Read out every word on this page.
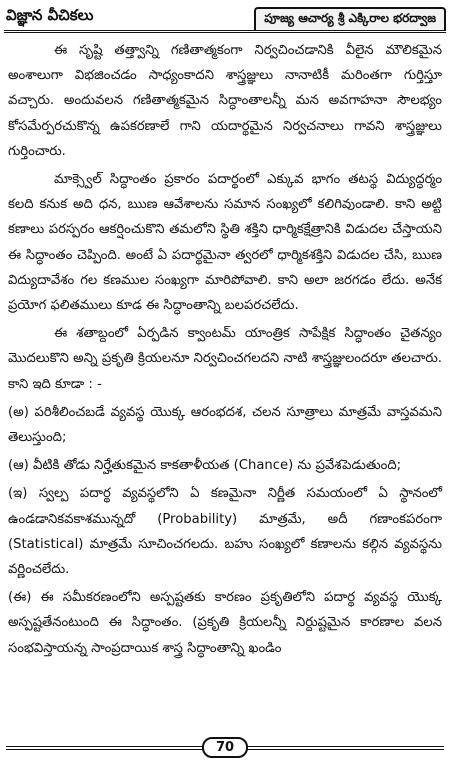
విజ్ఞాన వీచికలు	పూజ్య ఆచార్య శ్రీ ఎక్కిరాల భరద్వాజ

ఈ సృష్టి తత్త్వాన్ని గణితాత్మకంగా నిర్వచించడానికి వీలైన మౌలికమైన అంశాలుగా విభజించడం సాధ్యంకాదని శాస్త్రజ్ఞులు నానాటికీ మరింతగా గుర్తిస్తూ వచ్చారు. అందువలన గణితాత్మకమైన సిద్ధాంతాలన్నీ మన అవగాహనా సౌలభ్యం కోసమేర్పరచుకొన్న ఉపకరణాలే గాని యదార్థమైన నిర్వచనాలు గావని శాస్త్రజ్ఞులు గుర్తించారు.

మాక్స్వెల్ సిద్ధాంతం ప్రకారం పదార్థంలో ఎక్కువ భాగం తటస్థ విద్యుద్ధర్మం కలది కనుక అది ధన, ఋణ ఆవేశాలను సమాన సంఖ్యలో కలిగివుండాలి. కాని అట్టి కణాలు పరస్పరం ఆకర్షించుకొని తమలోని స్థితి శక్తిని ధార్మికక్షేత్రానికి విడుదల చేస్తాయని ఈ సిద్ధాంతం చెప్పింది. అంటే ఏ పదార్థమైనా త్వరలో ధార్మికశక్తిని విడుదల చేసి, ఋణ విద్యుదావేశం గల కణముల సంఖ్యగా మారిపోవాలి. కాని అలా జరగడం లేదు. అనేక ప్రయోగ ఫలితములు కూడ ఈ సిద్ధాంతాన్ని బలపరచలేదు.

ఈ శతాబ్దంలో ఏర్పడిన క్వాంటమ్ యాంత్రిక సాపేక్షిక సిద్ధాంతం చైతన్యం మొదలుకొని అన్ని ప్రకృతి క్రియలనూ నిర్వచించగలదని నాటి శాస్త్రజ్ఞులందరూ తలచారు. కాని ఇది కూడా : -

(అ) పరిశీలించబడే వ్యవస్థ యొక్క ఆరంభదశ, చలన సూత్రాలు మాత్రమే వాస్తవమని తెలుస్తుంది;

(ఆ) వీటికి తోడు నిర్హేతుకమైన కాకతాళీయత (Chance) ను ప్రవేశపెడుతుంది;

(ఇ) స్వల్ప పదార్థ వ్యవస్థలోని ఏ కణమైనా నిర్ణీత సమయంలో ఏ స్థానంలో ఉండడానికవకాశమున్నదో (Probability) మాత్రమే, అదీ గణాంకపరంగా (Statistical) మాత్రమే సూచించగలదు. బహు సంఖ్యలో కణాలను కల్గిన వ్యవస్థను వర్ణించలేదు.

(ఈ) ఈ సమీకరణంలోని అస్పష్టతకు కారణం ప్రకృతిలోని పదార్థ వ్యవస్థ యొక్క అస్పష్టతేనంటుంది ఈ సిద్ధాంతం. (ప్రకృతి క్రియలన్నీ నిర్దుష్టమైన కారణాల వలన సంభవిస్తాయన్న సాంప్రదాయిక శాస్త్ర సిద్ధాంతాన్ని ఖండిం

70
